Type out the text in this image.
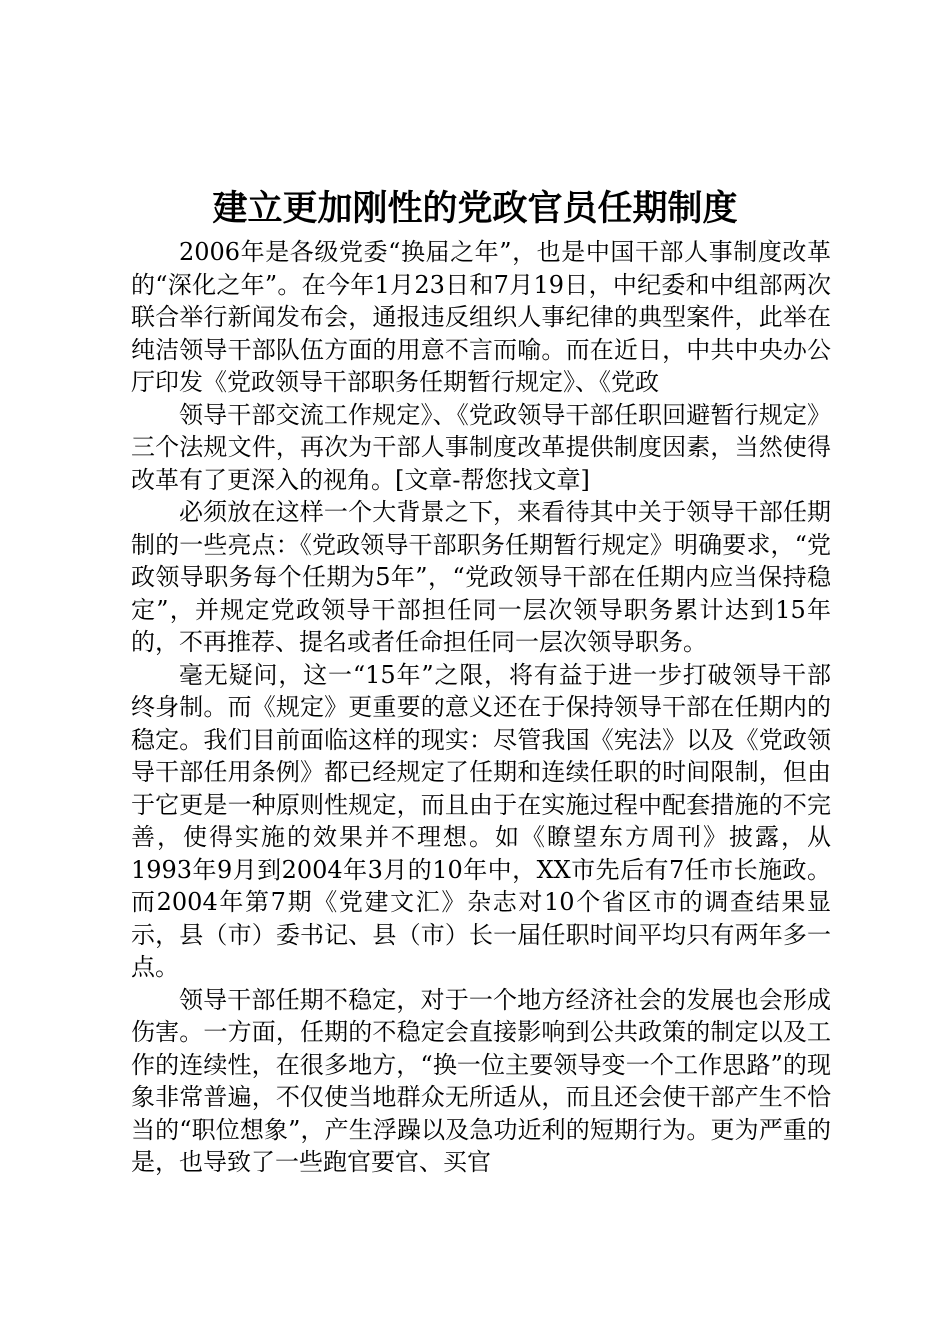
建立更加刚性的党政官员任期制度

2006年是各级党委“换届之年”，也是中国干部人事制度改革的“深化之年”。在今年1月23日和7月19日，中纪委和中组部两次联合举行新闻发布会，通报违反组织人事纪律的典型案件，此举在纯洁领导干部队伍方面的用意不言而喻。而在近日，中共中央办公厅印发《党政领导干部职务任期暂行规定》、《党政

领导干部交流工作规定》、《党政领导干部任职回避暂行规定》三个法规文件，再次为干部人事制度改革提供制度因素，当然使得改革有了更深入的视角。[文章-帮您找文章]

必须放在这样一个大背景之下，来看待其中关于领导干部任期制的一些亮点：《党政领导干部职务任期暂行规定》明确要求，“党政领导职务每个任期为5年”，“党政领导干部在任期内应当保持稳定”，并规定党政领导干部担任同一层次领导职务累计达到15年的，不再推荐、提名或者任命担任同一层次领导职务。

毫无疑问，这一“15年”之限，将有益于进一步打破领导干部终身制。而《规定》更重要的意义还在于保持领导干部在任期内的稳定。我们目前面临这样的现实：尽管我国《宪法》以及《党政领导干部任用条例》都已经规定了任期和连续任职的时间限制，但由于它更是一种原则性规定，而且由于在实施过程中配套措施的不完善，使得实施的效果并不理想。如《瞭望东方周刊》披露，从1993年9月到2004年3月的10年中，XX市先后有7任市长施政。而2004年第7期《党建文汇》杂志对10个省区市的调查结果显示，县（市）委书记、县（市）长一届任职时间平均只有两年多一点。

领导干部任期不稳定，对于一个地方经济社会的发展也会形成伤害。一方面，任期的不稳定会直接影响到公共政策的制定以及工作的连续性，在很多地方，“换一位主要领导变一个工作思路”的现象非常普遍，不仅使当地群众无所适从，而且还会使干部产生不恰当的“职位想象”，产生浮躁以及急功近利的短期行为。更为严重的是，也导致了一些跑官要官、买官
